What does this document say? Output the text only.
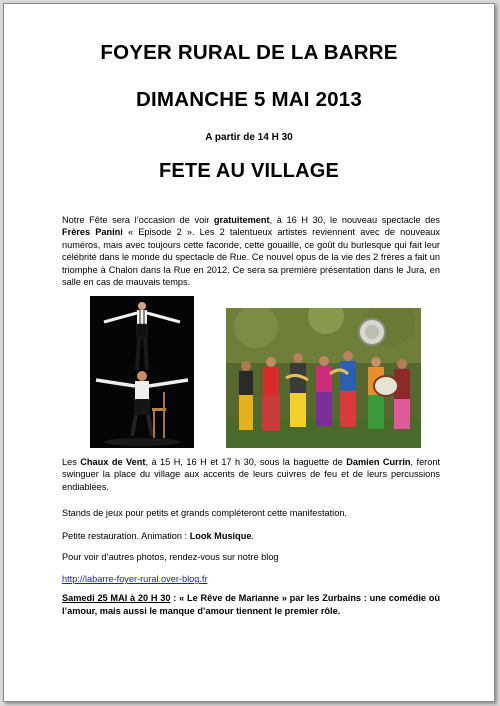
FOYER RURAL DE LA BARRE
DIMANCHE 5 MAI 2013
A partir de 14 H 30
FETE AU VILLAGE

Notre Fête sera l’occasion de voir gratuitement, à 16 H 30, le nouveau spectacle des Frères Panini « Episode 2 ». Les 2 talentueux artistes reviennent avec de nouveaux numéros, mais avec toujours cette faconde, cette gouaille, ce goût du burlesque qui fait leur célébrité dans le monde du spectacle de Rue. Ce nouvel opus de la vie des 2 frères a fait un triomphe à Chalon dans la Rue en 2012. Ce sera sa première présentation dans le Jura, en salle en cas de mauvais temps.

Les Chaux de Vent, à 15 H, 16 H et 17 h 30, sous la baguette de Damien Currin, feront swinguer la place du village aux accents de leurs cuivres de feu et de leurs percussions endiablées.

Stands de jeux pour petits et grands compléteront cette manifestation.

Petite restauration. Animation : Look Musique.

Pour voir d’autres photos, rendez-vous sur notre blog

http://labarre-foyer-rural.over-blog.fr

Samedi 25 MAI à 20 H 30 : « Le Rêve de Marianne » par les Zurbains : une comédie où l’amour, mais aussi le manque d’amour tiennent le premier rôle.
